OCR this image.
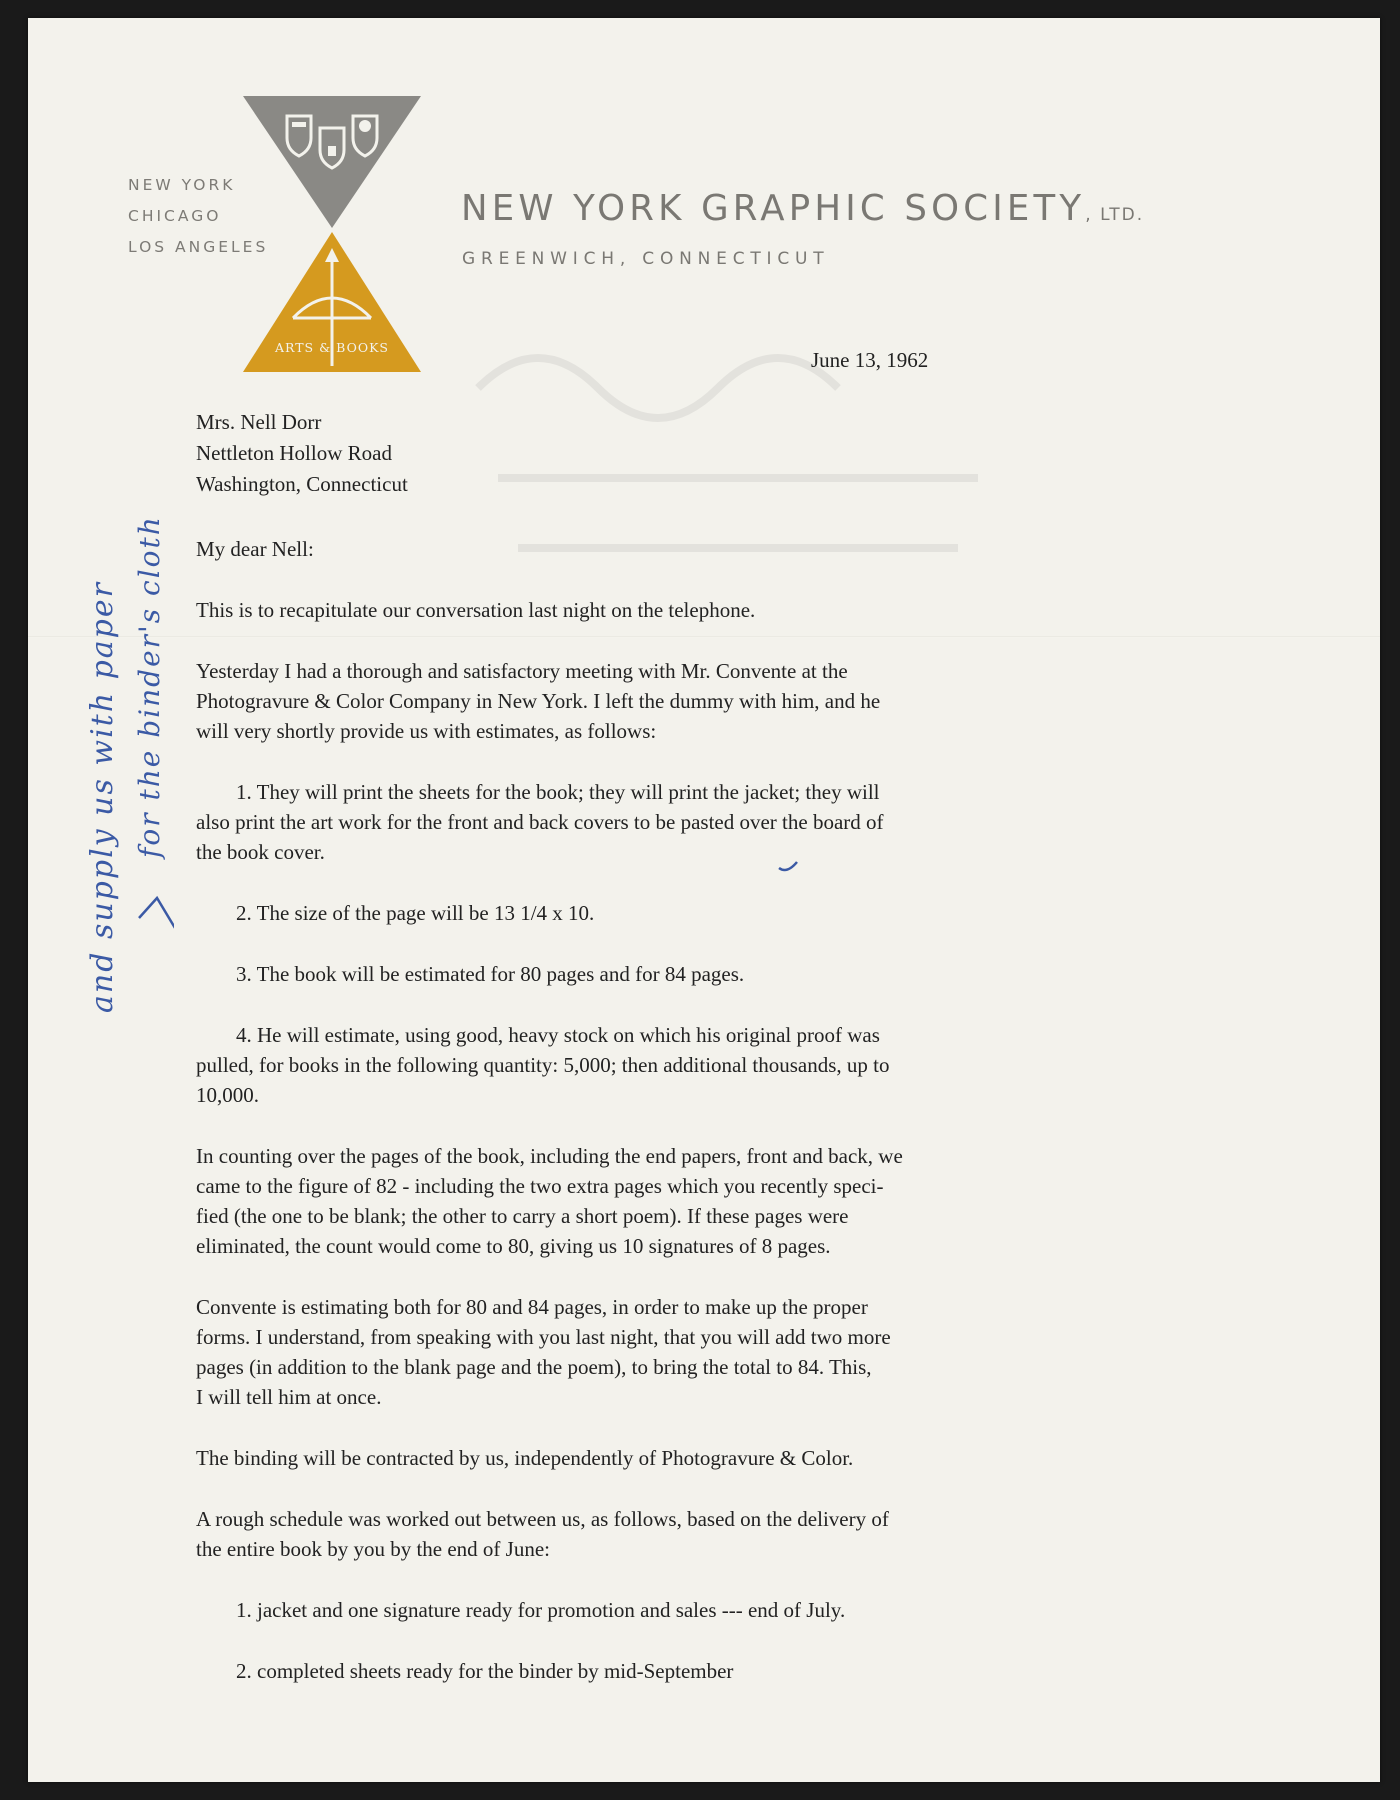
NEW YORK
CHICAGO
LOS ANGELES
ARTS & BOOKS
NEW YORK GRAPHIC SOCIETY, LTD.
GREENWICH, CONNECTICUT
June 13, 1962
Mrs. Nell Dorr
Nettleton Hollow Road
Washington, Connecticut
My dear Nell:
This is to recapitulate our conversation last night on the telephone.
Yesterday I had a thorough and satisfactory meeting with Mr. Convente at the
Photogravure & Color Company in New York. I left the dummy with him, and he
will very shortly provide us with estimates, as follows:
1. They will print the sheets for the book; they will print the jacket; they will
also print the art work for the front and back covers to be pasted over the board of
the book cover.
2. The size of the page will be 13 1/4 x 10.
3. The book will be estimated for 80 pages and for 84 pages.
4. He will estimate, using good, heavy stock on which his original proof was
pulled, for books in the following quantity: 5,000; then additional thousands, up to
10,000.
In counting over the pages of the book, including the end papers, front and back, we
came to the figure of 82 - including the two extra pages which you recently speci-
fied (the one to be blank; the other to carry a short poem). If these pages were
eliminated, the count would come to 80, giving us 10 signatures of 8 pages.
Convente is estimating both for 80 and 84 pages, in order to make up the proper
forms. I understand, from speaking with you last night, that you will add two more
pages (in addition to the blank page and the poem), to bring the total to 84. This,
I will tell him at once.
The binding will be contracted by us, independently of Photogravure & Color.
A rough schedule was worked out between us, as follows, based on the delivery of
the entire book by you by the end of June:
1. jacket and one signature ready for promotion and sales --- end of July.
2. completed sheets ready for the binder by mid-September
and supply us with paper for the binder's cloth
